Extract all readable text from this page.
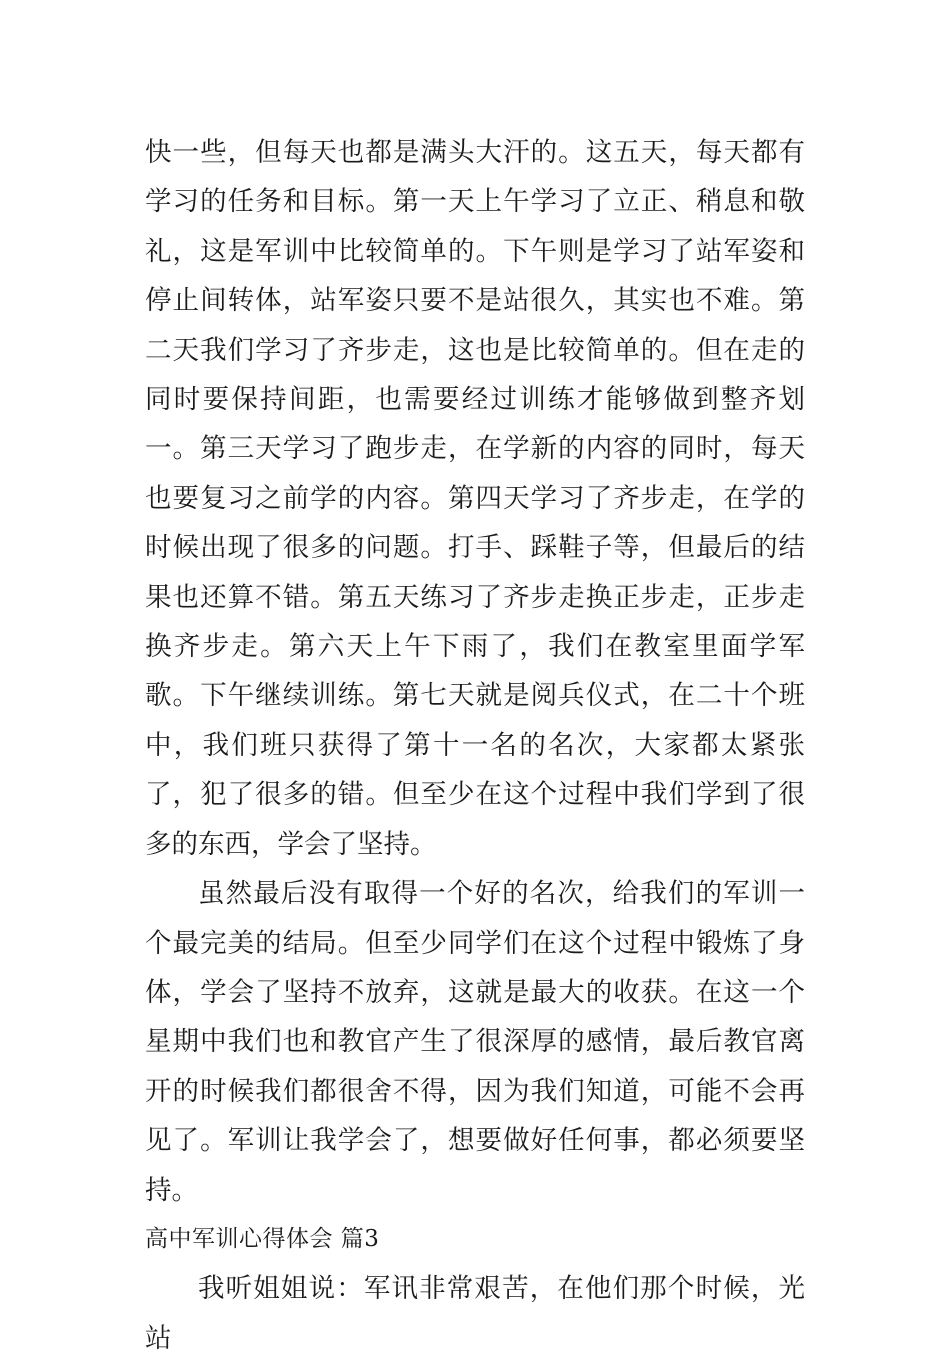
快一些，但每天也都是满头大汗的。这五天，每天都有学习的任务和目标。第一天上午学习了立正、稍息和敬礼，这是军训中比较简单的。下午则是学习了站军姿和停止间转体，站军姿只要不是站很久，其实也不难。第二天我们学习了齐步走，这也是比较简单的。但在走的同时要保持间距，也需要经过训练才能够做到整齐划一。第三天学习了跑步走，在学新的内容的同时，每天也要复习之前学的内容。第四天学习了齐步走，在学的时候出现了很多的问题。打手、踩鞋子等，但最后的结果也还算不错。第五天练习了齐步走换正步走，正步走换齐步走。第六天上午下雨了，我们在教室里面学军歌。下午继续训练。第七天就是阅兵仪式，在二十个班中，我们班只获得了第十一名的名次，大家都太紧张了，犯了很多的错。但至少在这个过程中我们学到了很多的东西，学会了坚持。

虽然最后没有取得一个好的名次，给我们的军训一个最完美的结局。但至少同学们在这个过程中锻炼了身体，学会了坚持不放弃，这就是最大的收获。在这一个星期中我们也和教官产生了很深厚的感情，最后教官离开的时候我们都很舍不得，因为我们知道，可能不会再见了。军训让我学会了，想要做好任何事，都必须要坚持。

高中军训心得体会 篇3

我听姐姐说：军讯非常艰苦，在他们那个时候，光站
